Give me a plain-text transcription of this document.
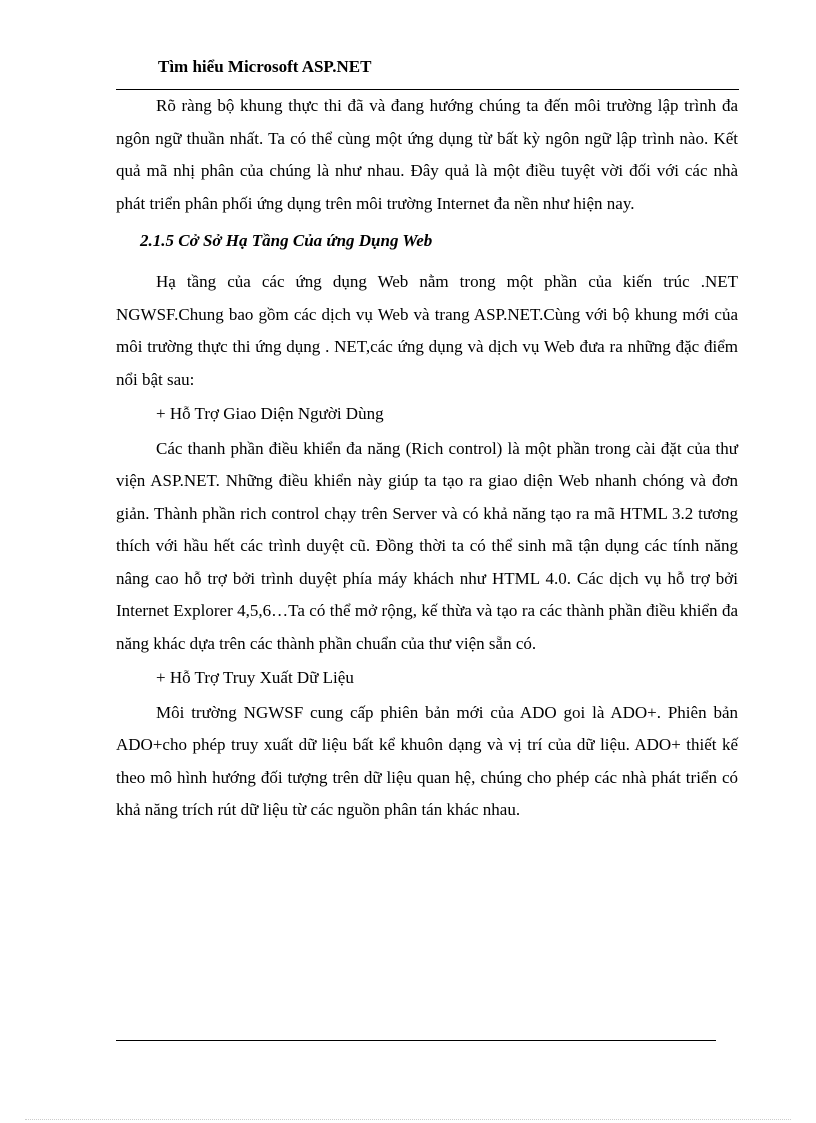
Tìm hiểu Microsoft ASP.NET

Rõ ràng bộ khung thực thi đã và đang hướng chúng ta đến môi trường lập trình đa ngôn ngữ thuần nhất. Ta có thể cùng một ứng dụng từ bất kỳ ngôn ngữ lập trình nào. Kết quả mã nhị phân của chúng là như nhau. Đây quả là một điều tuyệt vời đối với các nhà phát triển phân phối ứng dụng trên môi trường Internet đa nền như hiện nay.

2.1.5 Cở Sở Hạ Tầng Của ứng Dụng Web

Hạ tầng của các ứng dụng Web nằm trong một phần của kiến trúc .NET NGWSF.Chung bao gồm các dịch vụ Web và trang ASP.NET.Cùng với bộ khung mới của môi trường thực thi ứng dụng . NET,các ứng dụng và dịch vụ Web đưa ra những đặc điểm nổi bật sau:

+ Hỗ Trợ Giao Diện Người Dùng

Các thanh phần điều khiển đa năng (Rich control) là một phần trong cài đặt của thư viện ASP.NET. Những điều khiển này giúp ta tạo ra giao diện Web nhanh chóng và đơn giản. Thành phần rich control chạy trên Server và có khả năng tạo ra mã HTML 3.2 tương thích với hầu hết các trình duyệt cũ. Đồng thời ta có thể sinh mã tận dụng các tính năng nâng cao hỗ trợ bởi trình duyệt phía máy khách như HTML 4.0. Các dịch vụ hỗ trợ bởi Internet Explorer 4,5,6…Ta có thể mở rộng, kế thừa và tạo ra các thành phần điều khiển đa năng khác dựa trên các thành phần chuẩn của thư viện sẵn có.

+ Hỗ Trợ Truy Xuất Dữ Liệu

Môi trường NGWSF cung cấp phiên bản mới của ADO goi là ADO+. Phiên bản ADO+cho phép truy xuất dữ liệu bất kể khuôn dạng và vị trí của dữ liệu. ADO+ thiết kế theo mô hình hướng đối tượng trên dữ liệu quan hệ, chúng cho phép các nhà phát triển có khả năng trích rút dữ liệu từ các nguồn phân tán khác nhau.
